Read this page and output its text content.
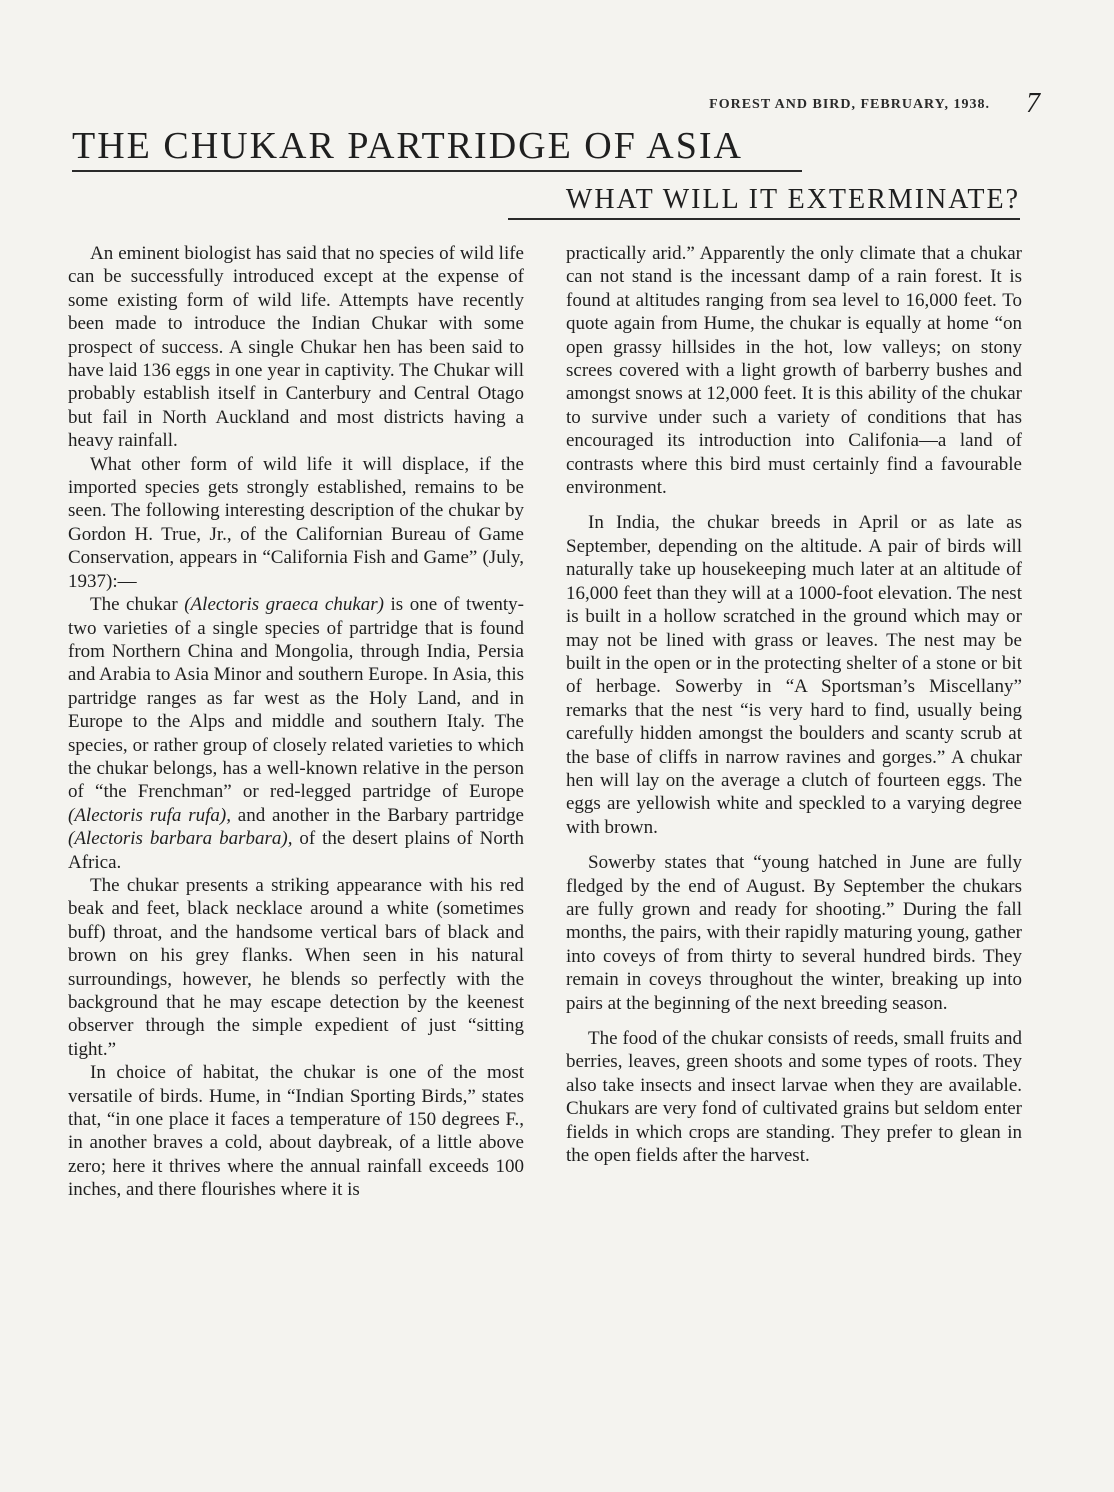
FOREST AND BIRD, FEBRUARY, 1938. 7
THE CHUKAR PARTRIDGE OF ASIA
WHAT WILL IT EXTERMINATE?

An eminent biologist has said that no species of wild life can be successfully introduced except at the expense of some existing form of wild life. Attempts have recently been made to introduce the Indian Chukar with some prospect of success. A single Chukar hen has been said to have laid 136 eggs in one year in captivity. The Chukar will probably establish itself in Canterbury and Central Otago but fail in North Auckland and most districts having a heavy rainfall.

What other form of wild life it will displace, if the imported species gets strongly established, remains to be seen. The following interesting description of the chukar by Gordon H. True, Jr., of the Californian Bureau of Game Conservation, appears in “California Fish and Game” (July, 1937):—

The chukar (Alectoris graeca chukar) is one of twenty-two varieties of a single species of partridge that is found from Northern China and Mongolia, through India, Persia and Arabia to Asia Minor and southern Europe. In Asia, this partridge ranges as far west as the Holy Land, and in Europe to the Alps and middle and southern Italy. The species, or rather group of closely related varieties to which the chukar belongs, has a well-known relative in the person of “the Frenchman” or red-legged partridge of Europe (Alectoris rufa rufa), and another in the Barbary partridge (Alectoris barbara barbara), of the desert plains of North Africa.

The chukar presents a striking appearance with his red beak and feet, black necklace around a white (sometimes buff) throat, and the handsome vertical bars of black and brown on his grey flanks. When seen in his natural surroundings, however, he blends so perfectly with the background that he may escape detection by the keenest observer through the simple expedient of just “sitting tight.”

In choice of habitat, the chukar is one of the most versatile of birds. Hume, in “Indian Sporting Birds,” states that, “in one place it faces a temperature of 150 degrees F., in another braves a cold, about daybreak, of a little above zero; here it thrives where the annual rainfall exceeds 100 inches, and there flourishes where it is

practically arid.” Apparently the only climate that a chukar can not stand is the incessant damp of a rain forest. It is found at altitudes ranging from sea level to 16,000 feet. To quote again from Hume, the chukar is equally at home “on open grassy hillsides in the hot, low valleys; on stony screes covered with a light growth of barberry bushes and amongst snows at 12,000 feet. It is this ability of the chukar to survive under such a variety of conditions that has encouraged its introduction into Califonia—a land of contrasts where this bird must certainly find a favourable environment.

In India, the chukar breeds in April or as late as September, depending on the altitude. A pair of birds will naturally take up housekeeping much later at an altitude of 16,000 feet than they will at a 1000-foot elevation. The nest is built in a hollow scratched in the ground which may or may not be lined with grass or leaves. The nest may be built in the open or in the protecting shelter of a stone or bit of herbage. Sowerby in “A Sportsman’s Miscellany” remarks that the nest “is very hard to find, usually being carefully hidden amongst the boulders and scanty scrub at the base of cliffs in narrow ravines and gorges.” A chukar hen will lay on the average a clutch of fourteen eggs. The eggs are yellowish white and speckled to a varying degree with brown.

Sowerby states that “young hatched in June are fully fledged by the end of August. By September the chukars are fully grown and ready for shooting.” During the fall months, the pairs, with their rapidly maturing young, gather into coveys of from thirty to several hundred birds. They remain in coveys throughout the winter, breaking up into pairs at the beginning of the next breeding season.

The food of the chukar consists of reeds, small fruits and berries, leaves, green shoots and some types of roots. They also take insects and insect larvae when they are available. Chukars are very fond of cultivated grains but seldom enter fields in which crops are standing. They prefer to glean in the open fields after the harvest.
